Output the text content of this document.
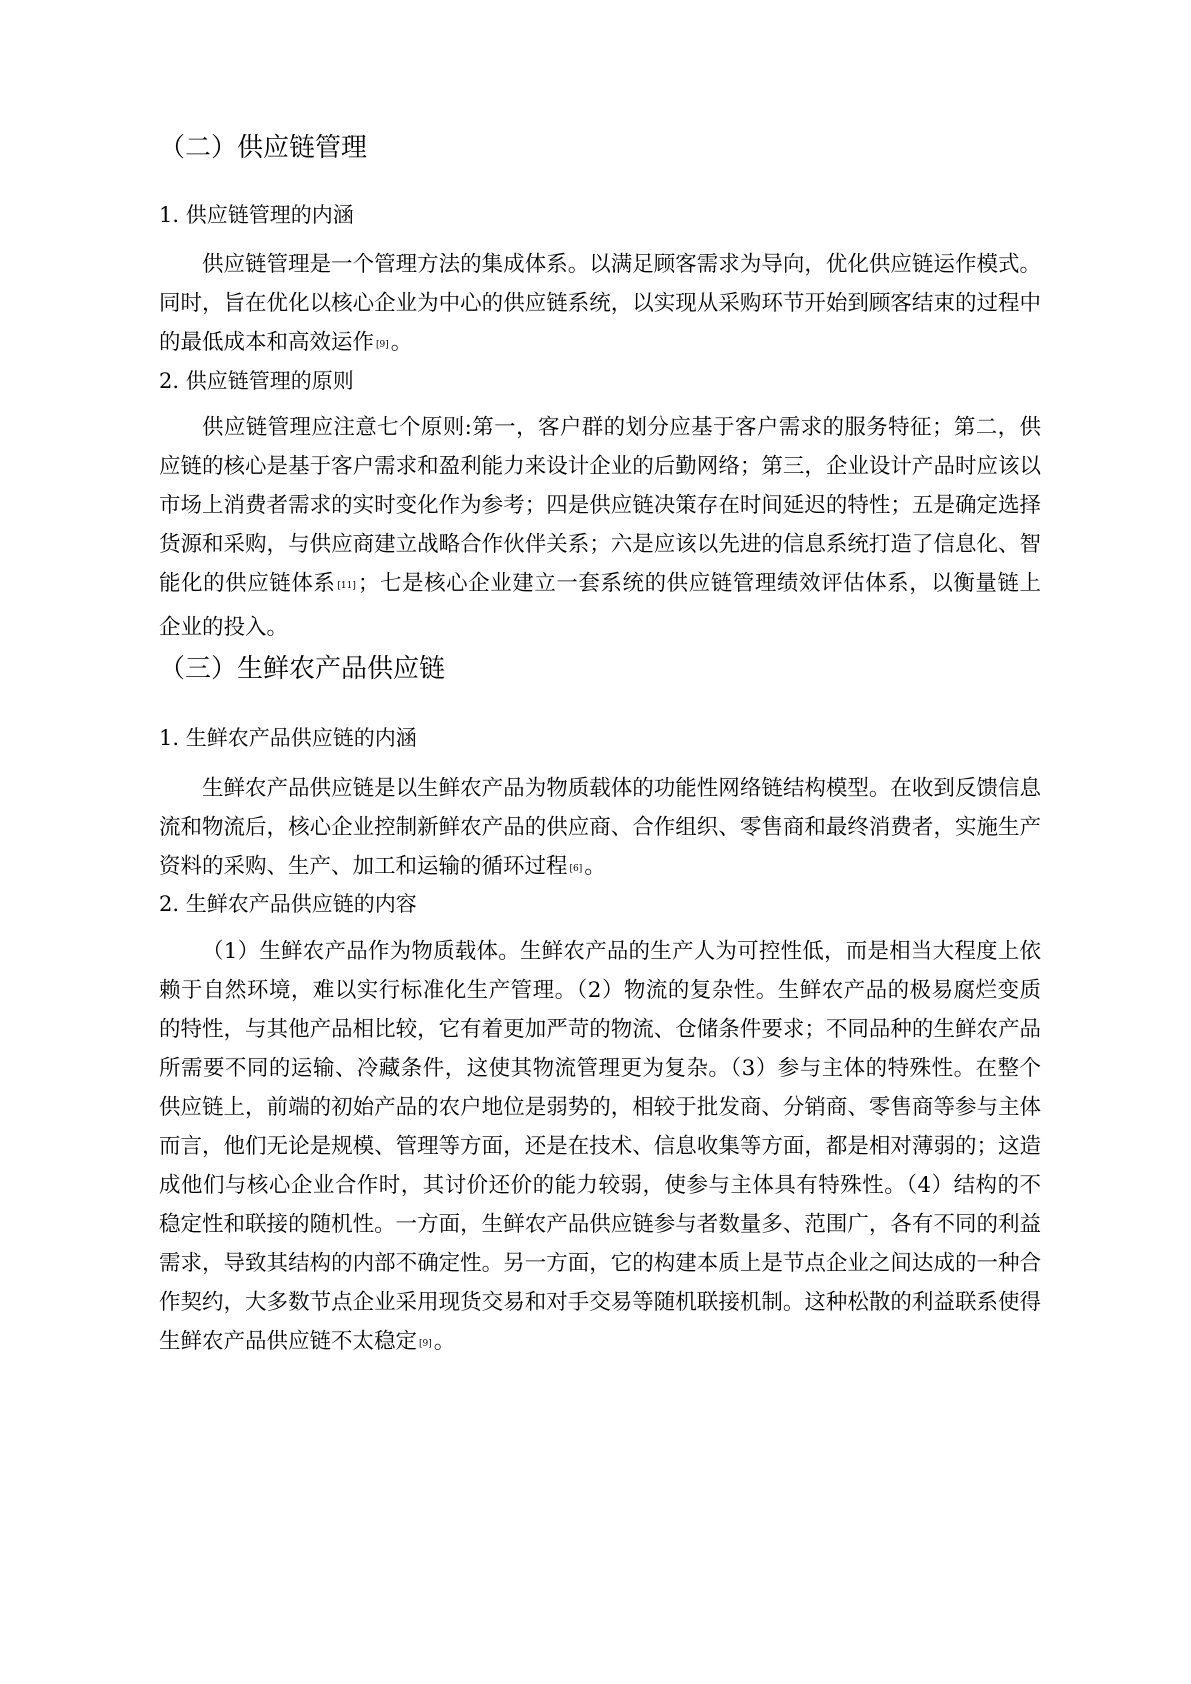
（二）供应链管理
1. 供应链管理的内涵

供应链管理是一个管理方法的集成体系。以满足顾客需求为导向，优化供应链运作模式。同时，旨在优化以核心企业为中心的供应链系统，以实现从采购环节开始到顾客结束的过程中的最低成本和高效运作 [9]。

2. 供应链管理的原则

供应链管理应注意七个原则:第一，客户群的划分应基于客户需求的服务特征；第二，供应链的核心是基于客户需求和盈利能力来设计企业的后勤网络；第三，企业设计产品时应该以市场上消费者需求的实时变化作为参考；四是供应链决策存在时间延迟的特性；五是确定选择货源和采购，与供应商建立战略合作伙伴关系；六是应该以先进的信息系统打造了信息化、智能化的供应链体系 [11]；七是核心企业建立一套系统的供应链管理绩效评估体系，以衡量链上企业的投入。

（三）生鲜农产品供应链
1. 生鲜农产品供应链的内涵

生鲜农产品供应链是以生鲜农产品为物质载体的功能性网络链结构模型。在收到反馈信息流和物流后，核心企业控制新鲜农产品的供应商、合作组织、零售商和最终消费者，实施生产资料的采购、生产、加工和运输的循环过程 [6]。

2. 生鲜农产品供应链的内容

（1）生鲜农产品作为物质载体。生鲜农产品的生产人为可控性低，而是相当大程度上依赖于自然环境，难以实行标准化生产管理。（2）物流的复杂性。生鲜农产品的极易腐烂变质的特性，与其他产品相比较，它有着更加严苛的物流、仓储条件要求；不同品种的生鲜农产品所需要不同的运输、冷藏条件，这使其物流管理更为复杂。（3）参与主体的特殊性。在整个供应链上，前端的初始产品的农户地位是弱势的，相较于批发商、分销商、零售商等参与主体而言，他们无论是规模、管理等方面，还是在技术、信息收集等方面，都是相对薄弱的；这造成他们与核心企业合作时，其讨价还价的能力较弱，使参与主体具有特殊性。（4）结构的不稳定性和联接的随机性。一方面，生鲜农产品供应链参与者数量多、范围广，各有不同的利益需求，导致其结构的内部不确定性。另一方面，它的构建本质上是节点企业之间达成的一种合作契约，大多数节点企业采用现货交易和对手交易等随机联接机制。这种松散的利益联系使得生鲜农产品供应链不太稳定 [9]。
